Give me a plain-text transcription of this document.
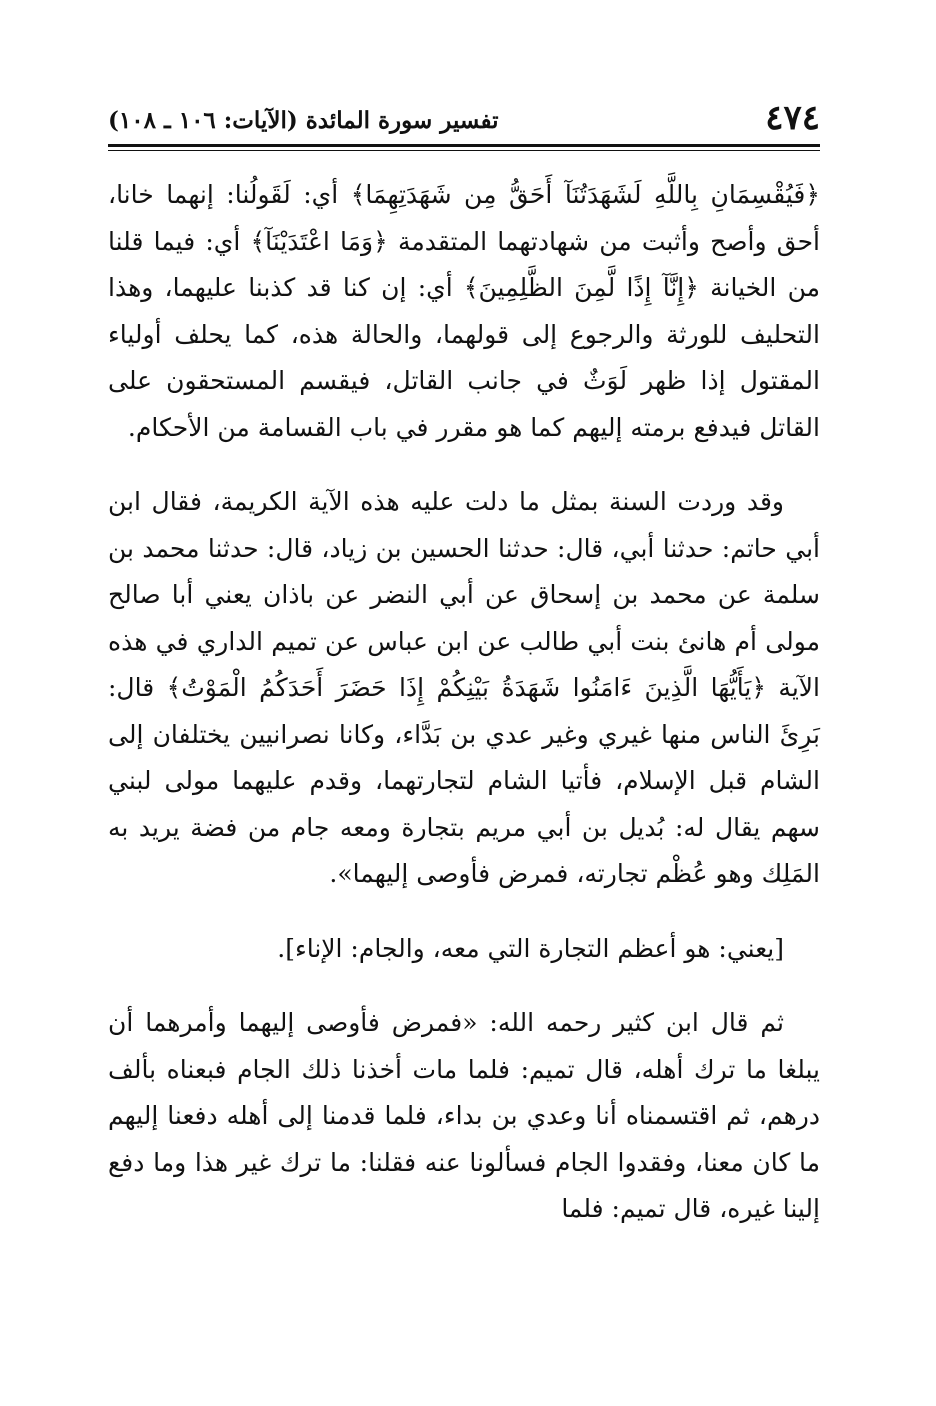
٤٧٤
تفسير سورة المائدة (الآيات: ١٠٦ ـ ١٠٨)

﴿فَيُقْسِمَانِ بِاللَّهِ لَشَهَدَتُنَآ أَحَقُّ مِن شَهَدَتِهِمَا﴾ أي: لَقَولُنا: إنهما خانا، أحق وأصح وأثبت من شهادتهما المتقدمة ﴿وَمَا اعْتَدَيْنَآ﴾ أي: فيما قلنا من الخيانة ﴿إِنَّآ إِذًا لَّمِنَ الظَّلِمِينَ﴾ أي: إن كنا قد كذبنا عليهما، وهذا التحليف للورثة والرجوع إلى قولهما، والحالة هذه، كما يحلف أولياء المقتول إذا ظهر لَوَثٌ في جانب القاتل، فيقسم المستحقون على القاتل فيدفع برمته إليهم كما هو مقرر في باب القسامة من الأحكام.

وقد وردت السنة بمثل ما دلت عليه هذه الآية الكريمة، فقال ابن أبي حاتم: حدثنا أبي، قال: حدثنا الحسين بن زياد، قال: حدثنا محمد بن سلمة عن محمد بن إسحاق عن أبي النضر عن باذان يعني أبا صالح مولى أم هانئ بنت أبي طالب عن ابن عباس عن تميم الداري في هذه الآية ﴿يَأَيُّهَا الَّذِينَ ءَامَنُوا شَهَدَةُ بَيْنِكُمْ إِذَا حَضَرَ أَحَدَكُمُ الْمَوْتُ﴾ قال: بَرِئَ الناس منها غيري وغير عدي بن بَدَّاء، وكانا نصرانيين يختلفان إلى الشام قبل الإسلام، فأتيا الشام لتجارتهما، وقدم عليهما مولى لبني سهم يقال له: بُديل بن أبي مريم بتجارة ومعه جام من فضة يريد به المَلِك وهو عُظْم تجارته، فمرض فأوصى إليهما».

[يعني: هو أعظم التجارة التي معه، والجام: الإناء].

ثم قال ابن كثير رحمه الله: «فمرض فأوصى إليهما وأمرهما أن يبلغا ما ترك أهله، قال تميم: فلما مات أخذنا ذلك الجام فبعناه بألف درهم، ثم اقتسمناه أنا وعدي بن بداء، فلما قدمنا إلى أهله دفعنا إليهم ما كان معنا، وفقدوا الجام فسألونا عنه فقلنا: ما ترك غير هذا وما دفع إلينا غيره، قال تميم: فلما
